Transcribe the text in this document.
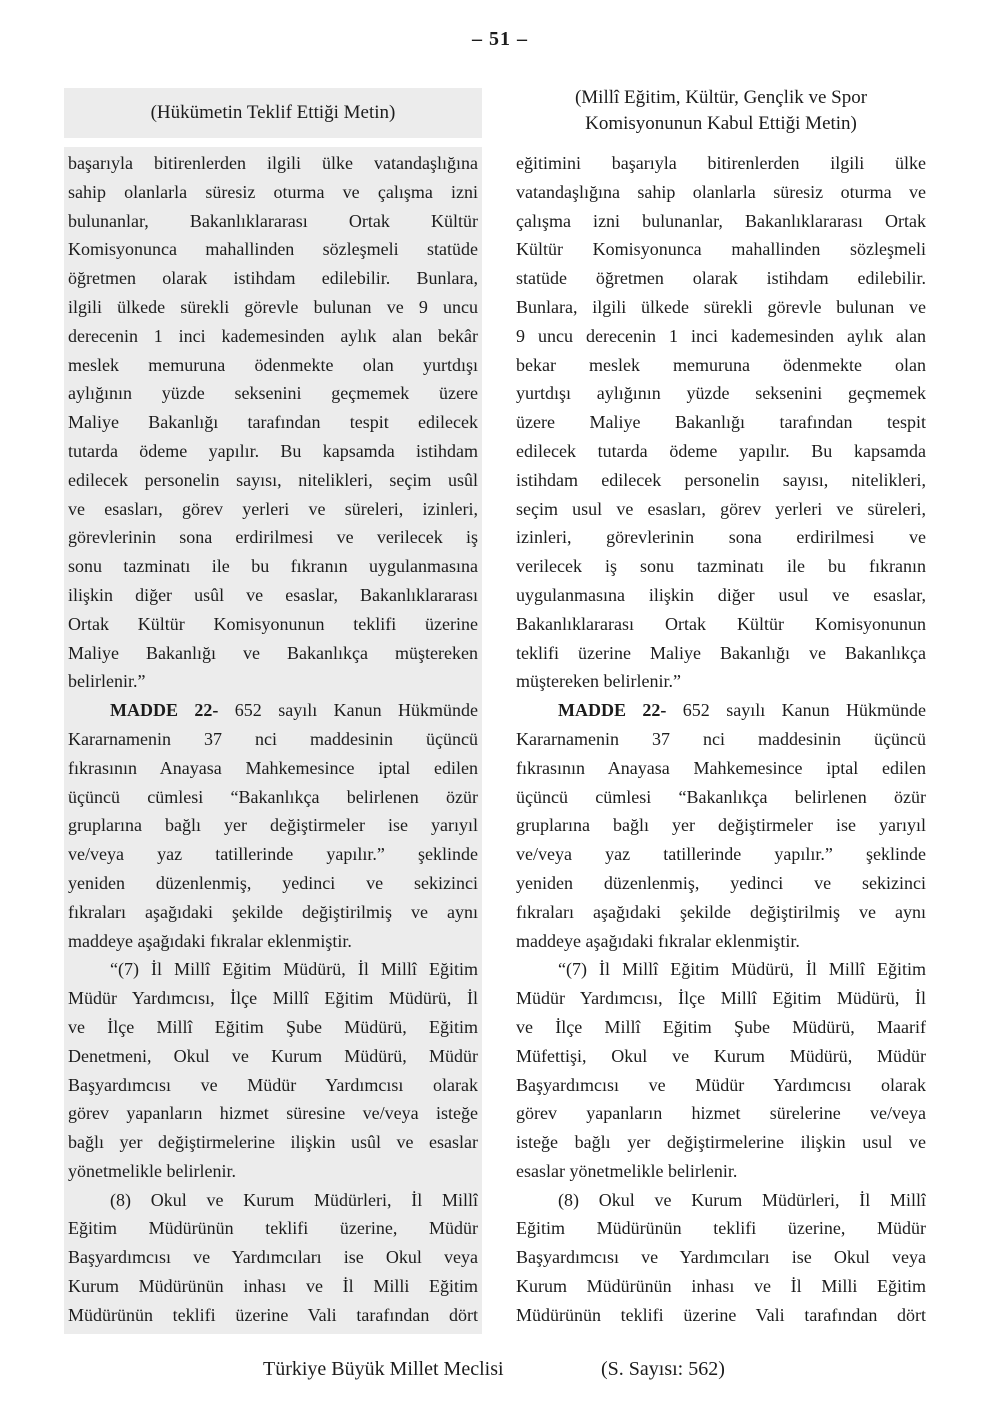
– 51 –
(Hükümetin Teklif Ettiği Metin)
(Millî Eğitim, Kültür, Gençlik ve Spor
Komisyonunun Kabul Ettiği Metin)
başarıyla bitirenlerden ilgili ülke vatandaşlığına
sahip olanlarla süresiz oturma ve çalışma izni
bulunanlar, Bakanlıklararası Ortak Kültür
Komisyonunca mahallinden sözleşmeli statüde
öğretmen olarak istihdam edilebilir. Bunlara,
ilgili ülkede sürekli görevle bulunan ve 9 uncu
derecenin 1 inci kademesinden aylık alan bekâr
meslek memuruna ödenmekte olan yurtdışı
aylığının yüzde seksenini geçmemek üzere
Maliye Bakanlığı tarafından tespit edilecek
tutarda ödeme yapılır. Bu kapsamda istihdam
edilecek personelin sayısı, nitelikleri, seçim usûl
ve esasları, görev yerleri ve süreleri, izinleri,
görevlerinin sona erdirilmesi ve verilecek iş
sonu tazminatı ile bu fıkranın uygulanmasına
ilişkin diğer usûl ve esaslar, Bakanlıklararası
Ortak Kültür Komisyonunun teklifi üzerine
Maliye Bakanlığı ve Bakanlıkça müştereken
belirlenir.”
MADDE 22- 652 sayılı Kanun Hükmünde
Kararnamenin 37 nci maddesinin üçüncü
fıkrasının Anayasa Mahkemesince iptal edilen
üçüncü cümlesi “Bakanlıkça belirlenen özür
gruplarına bağlı yer değiştirmeler ise yarıyıl
ve/veya yaz tatillerinde yapılır.” şeklinde
yeniden düzenlenmiş, yedinci ve sekizinci
fıkraları aşağıdaki şekilde değiştirilmiş ve aynı
maddeye aşağıdaki fıkralar eklenmiştir.
“(7) İl Millî Eğitim Müdürü, İl Millî Eğitim
Müdür Yardımcısı, İlçe Millî Eğitim Müdürü, İl
ve İlçe Millî Eğitim Şube Müdürü, Eğitim
Denetmeni, Okul ve Kurum Müdürü, Müdür
Başyardımcısı ve Müdür Yardımcısı olarak
görev yapanların hizmet süresine ve/veya isteğe
bağlı yer değiştirmelerine ilişkin usûl ve esaslar
yönetmelikle belirlenir.
(8) Okul ve Kurum Müdürleri, İl Millî
Eğitim Müdürünün teklifi üzerine, Müdür
Başyardımcısı ve Yardımcıları ise Okul veya
Kurum Müdürünün inhası ve İl Milli Eğitim
Müdürünün teklifi üzerine Vali tarafından dört
eğitimini başarıyla bitirenlerden ilgili ülke
vatandaşlığına sahip olanlarla süresiz oturma ve
çalışma izni bulunanlar, Bakanlıklararası Ortak
Kültür Komisyonunca mahallinden sözleşmeli
statüde öğretmen olarak istihdam edilebilir.
Bunlara, ilgili ülkede sürekli görevle bulunan ve
9 uncu derecenin 1 inci kademesinden aylık alan
bekar meslek memuruna ödenmekte olan
yurtdışı aylığının yüzde seksenini geçmemek
üzere Maliye Bakanlığı tarafından tespit
edilecek tutarda ödeme yapılır. Bu kapsamda
istihdam edilecek personelin sayısı, nitelikleri,
seçim usul ve esasları, görev yerleri ve süreleri,
izinleri, görevlerinin sona erdirilmesi ve
verilecek iş sonu tazminatı ile bu fıkranın
uygulanmasına ilişkin diğer usul ve esaslar,
Bakanlıklararası Ortak Kültür Komisyonunun
teklifi üzerine Maliye Bakanlığı ve Bakanlıkça
müştereken belirlenir.”
MADDE 22- 652 sayılı Kanun Hükmünde
Kararnamenin 37 nci maddesinin üçüncü
fıkrasının Anayasa Mahkemesince iptal edilen
üçüncü cümlesi “Bakanlıkça belirlenen özür
gruplarına bağlı yer değiştirmeler ise yarıyıl
ve/veya yaz tatillerinde yapılır.” şeklinde
yeniden düzenlenmiş, yedinci ve sekizinci
fıkraları aşağıdaki şekilde değiştirilmiş ve aynı
maddeye aşağıdaki fıkralar eklenmiştir.
“(7) İl Millî Eğitim Müdürü, İl Millî Eğitim
Müdür Yardımcısı, İlçe Millî Eğitim Müdürü, İl
ve İlçe Millî Eğitim Şube Müdürü, Maarif
Müfettişi, Okul ve Kurum Müdürü, Müdür
Başyardımcısı ve Müdür Yardımcısı olarak
görev yapanların hizmet sürelerine ve/veya
isteğe bağlı yer değiştirmelerine ilişkin usul ve
esaslar yönetmelikle belirlenir.
(8) Okul ve Kurum Müdürleri, İl Millî
Eğitim Müdürünün teklifi üzerine, Müdür
Başyardımcısı ve Yardımcıları ise Okul veya
Kurum Müdürünün inhası ve İl Milli Eğitim
Müdürünün teklifi üzerine Vali tarafından dört
Türkiye Büyük Millet Meclisi	(S. Sayısı: 562)
